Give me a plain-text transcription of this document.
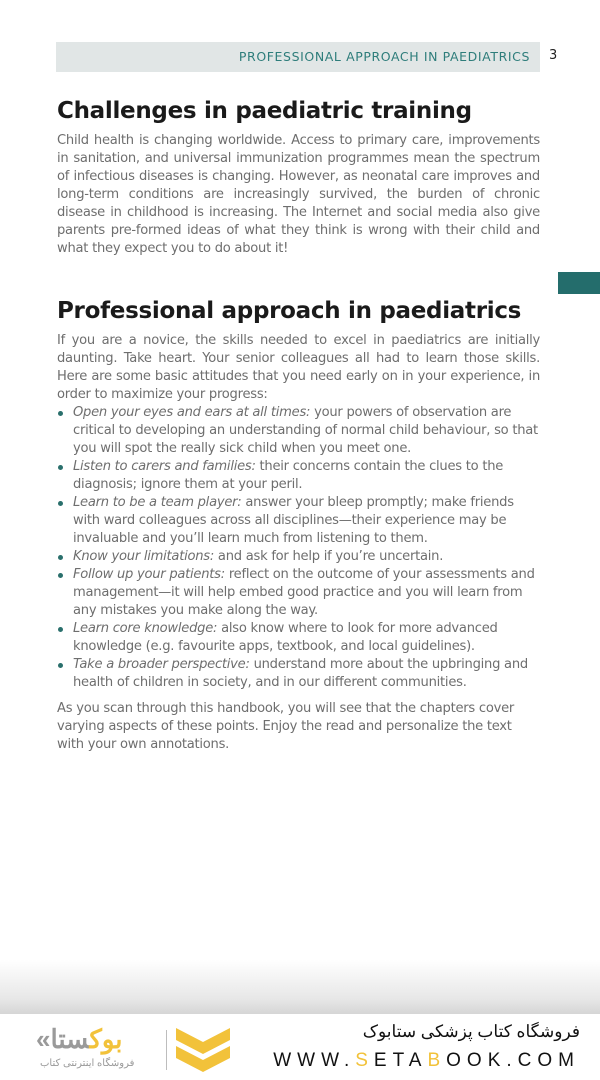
PROFESSIONAL APPROACH IN PAEDIATRICS 3
Challenges in paediatric training

Child health is changing worldwide. Access to primary care, improvements in sanitation, and universal immunization programmes mean the spectrum of infectious diseases is changing. However, as neonatal care improves and long-term conditions are increasingly survived, the burden of chronic disease in childhood is increasing. The Internet and social media also give parents pre-formed ideas of what they think is wrong with their child and what they expect you to do about it!

Professional approach in paediatrics

If you are a novice, the skills needed to excel in paediatrics are initially daunting. Take heart. Your senior colleagues all had to learn those skills. Here are some basic attitudes that you need early on in your experience, in order to maximize your progress:

Open your eyes and ears at all times: your powers of observation are critical to developing an understanding of normal child behaviour, so that you will spot the really sick child when you meet one.
Listen to carers and families: their concerns contain the clues to the diagnosis; ignore them at your peril.
Learn to be a team player: answer your bleep promptly; make friends with ward colleagues across all disciplines—their experience may be invaluable and you’ll learn much from listening to them.
Know your limitations: and ask for help if you’re uncertain.
Follow up your patients: reflect on the outcome of your assessments and management—it will help embed good practice and you will learn from any mistakes you make along the way.
Learn core knowledge: also know where to look for more advanced knowledge (e.g. favourite apps, textbook, and local guidelines).
Take a broader perspective: understand more about the upbringing and health of children in society, and in our different communities.

As you scan through this handbook, you will see that the chapters cover varying aspects of these points. Enjoy the read and personalize the text with your own annotations.

« بوکستا
فروشگاه اینترنتی کتاب
فروشگاه کتاب پزشکی ستابوک
WWW.SETABOOK.COM
